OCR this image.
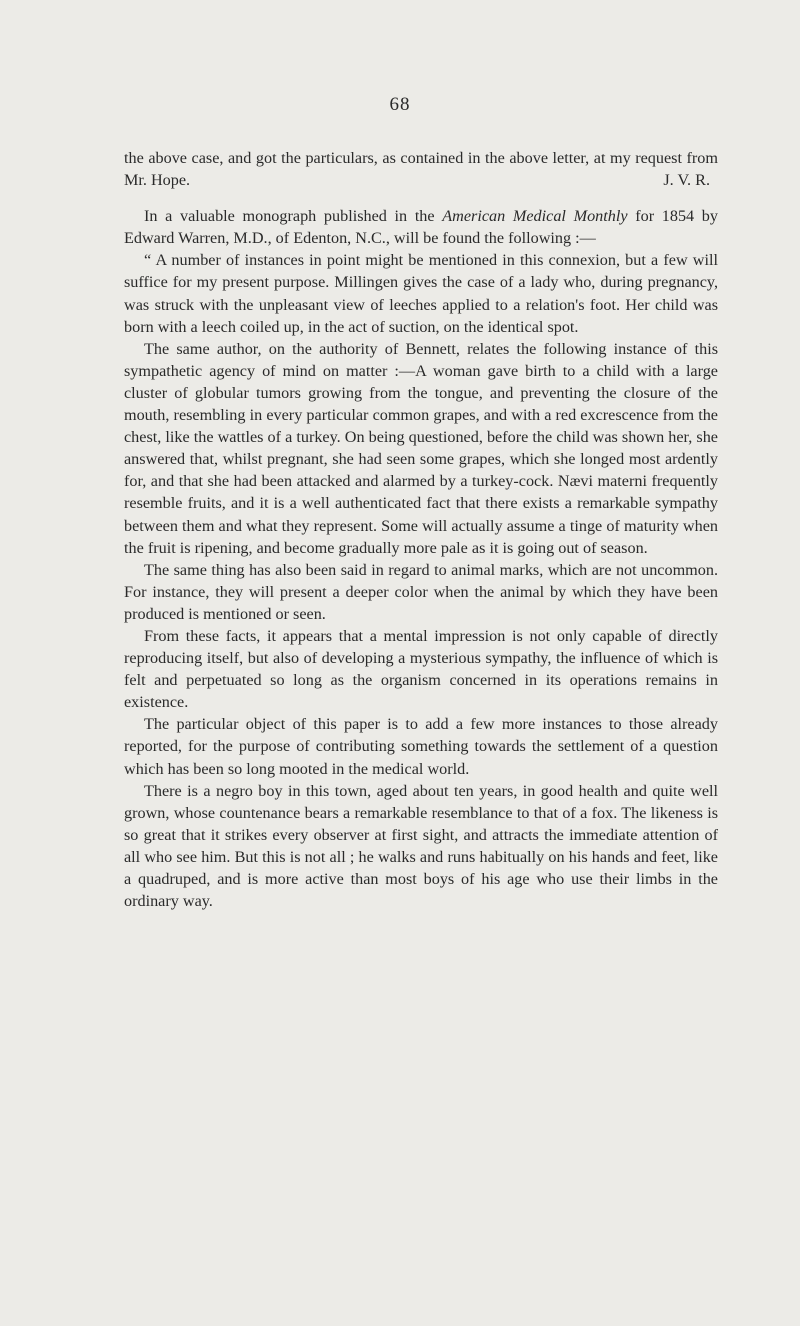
68

the above case, and got the particulars, as contained in the above letter, at my request from Mr. Hope.	J. V. R.

In a valuable monograph published in the American Medical Monthly for 1854 by Edward Warren, M.D., of Edenton, N.C., will be found the following :—

“ A number of instances in point might be mentioned in this connexion, but a few will suffice for my present purpose. Millingen gives the case of a lady who, during pregnancy, was struck with the unpleasant view of leeches applied to a relation's foot. Her child was born with a leech coiled up, in the act of suction, on the identical spot.

The same author, on the authority of Bennett, relates the following instance of this sympathetic agency of mind on matter :—A woman gave birth to a child with a large cluster of globular tumors growing from the tongue, and preventing the closure of the mouth, resembling in every particular common grapes, and with a red excrescence from the chest, like the wattles of a turkey. On being questioned, before the child was shown her, she answered that, whilst pregnant, she had seen some grapes, which she longed most ardently for, and that she had been attacked and alarmed by a turkey-cock. Nævi materni frequently resemble fruits, and it is a well authenticated fact that there exists a remarkable sympathy between them and what they represent. Some will actually assume a tinge of maturity when the fruit is ripening, and become gradually more pale as it is going out of season.

The same thing has also been said in regard to animal marks, which are not uncommon. For instance, they will present a deeper color when the animal by which they have been produced is mentioned or seen.

From these facts, it appears that a mental impression is not only capable of directly reproducing itself, but also of developing a mysterious sympathy, the influence of which is felt and perpetuated so long as the organism concerned in its operations remains in existence.

The particular object of this paper is to add a few more instances to those already reported, for the purpose of contributing something towards the settlement of a question which has been so long mooted in the medical world.

There is a negro boy in this town, aged about ten years, in good health and quite well grown, whose countenance bears a remarkable resemblance to that of a fox. The likeness is so great that it strikes every observer at first sight, and attracts the immediate attention of all who see him. But this is not all ; he walks and runs habitually on his hands and feet, like a quadruped, and is more active than most boys of his age who use their limbs in the ordinary way.
